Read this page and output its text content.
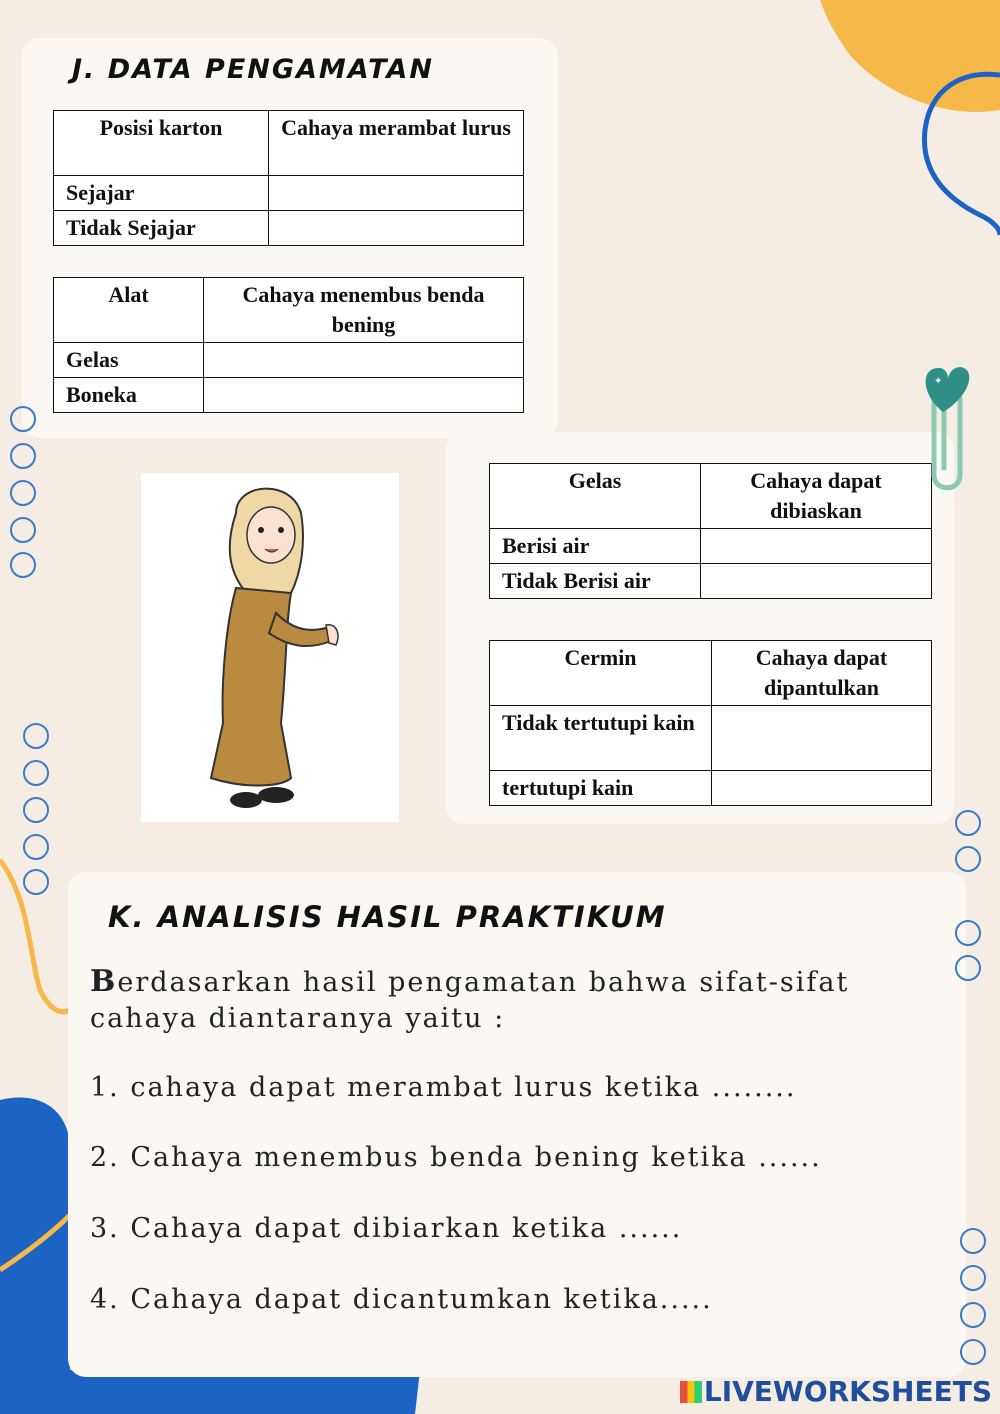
J. DATA PENGAMATAN
Posisi karton	Cahaya merambat lurus
Sejajar	
Tidak Sejajar	
Alat	Cahaya menembus benda bening
Gelas	
Boneka	
Gelas	Cahaya dapat dibiaskan
Berisi air	
Tidak Berisi air	
Cermin	Cahaya dapat dipantulkan
Tidak tertutupi kain	
tertutupi kain	
✦
K. ANALISIS HASIL PRAKTIKUM
Berdasarkan hasil pengamatan bahwa sifat-sifat cahaya diantaranya yaitu :
1. cahaya dapat merambat lurus ketika ........
2. Cahaya menembus benda bening ketika ......
3. Cahaya dapat dibiarkan ketika ......
4. Cahaya dapat dicantumkan ketika.....
LIVEWORKSHEETS
